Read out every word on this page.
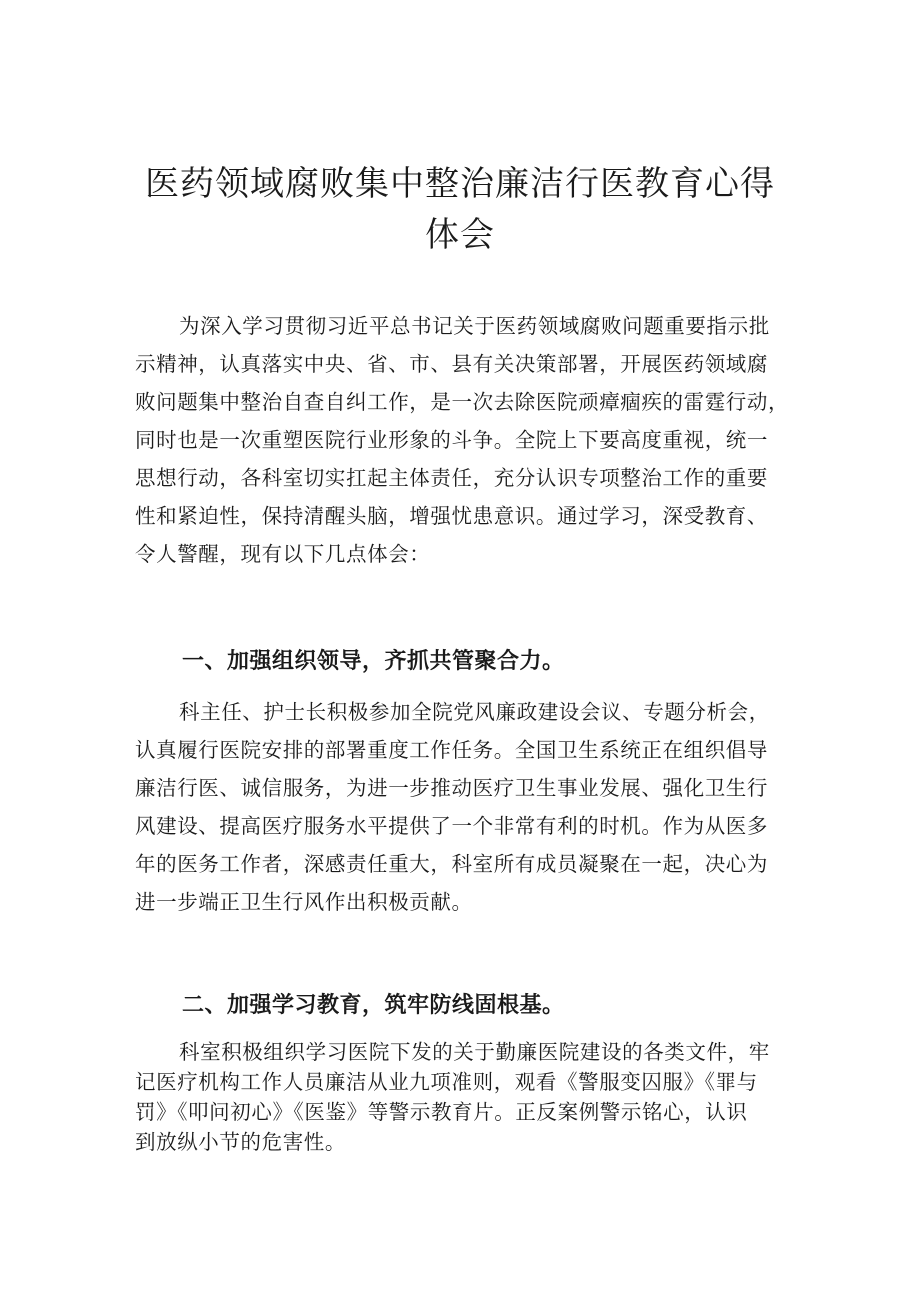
医药领域腐败集中整治廉洁行医教育心得
体会
为深入学习贯彻习近平总书记关于医药领域腐败问题重要指示批
示精神，认真落实中央、省、市、县有关决策部署，开展医药领域腐
败问题集中整治自查自纠工作，是一次去除医院顽瘴痼疾的雷霆行动，
同时也是一次重塑医院行业形象的斗争。全院上下要高度重视，统一
思想行动，各科室切实扛起主体责任，充分认识专项整治工作的重要
性和紧迫性，保持清醒头脑，增强忧患意识。通过学习，深受教育、
令人警醒，现有以下几点体会：
一、加强组织领导，齐抓共管聚合力。
科主任、护士长积极参加全院党风廉政建设会议、专题分析会，
认真履行医院安排的部署重度工作任务。全国卫生系统正在组织倡导
廉洁行医、诚信服务，为进一步推动医疗卫生事业发展、强化卫生行
风建设、提高医疗服务水平提供了一个非常有利的时机。作为从医多
年的医务工作者，深感责任重大，科室所有成员凝聚在一起，决心为
进一步端正卫生行风作出积极贡献。
二、加强学习教育，筑牢防线固根基。
科室积极组织学习医院下发的关于勤廉医院建设的各类文件，牢
记医疗机构工作人员廉洁从业九项准则，观看《警服变囚服》《罪与
罚》《叩问初心》《医鉴》等警示教育片。正反案例警示铭心，认识
到放纵小节的危害性。
